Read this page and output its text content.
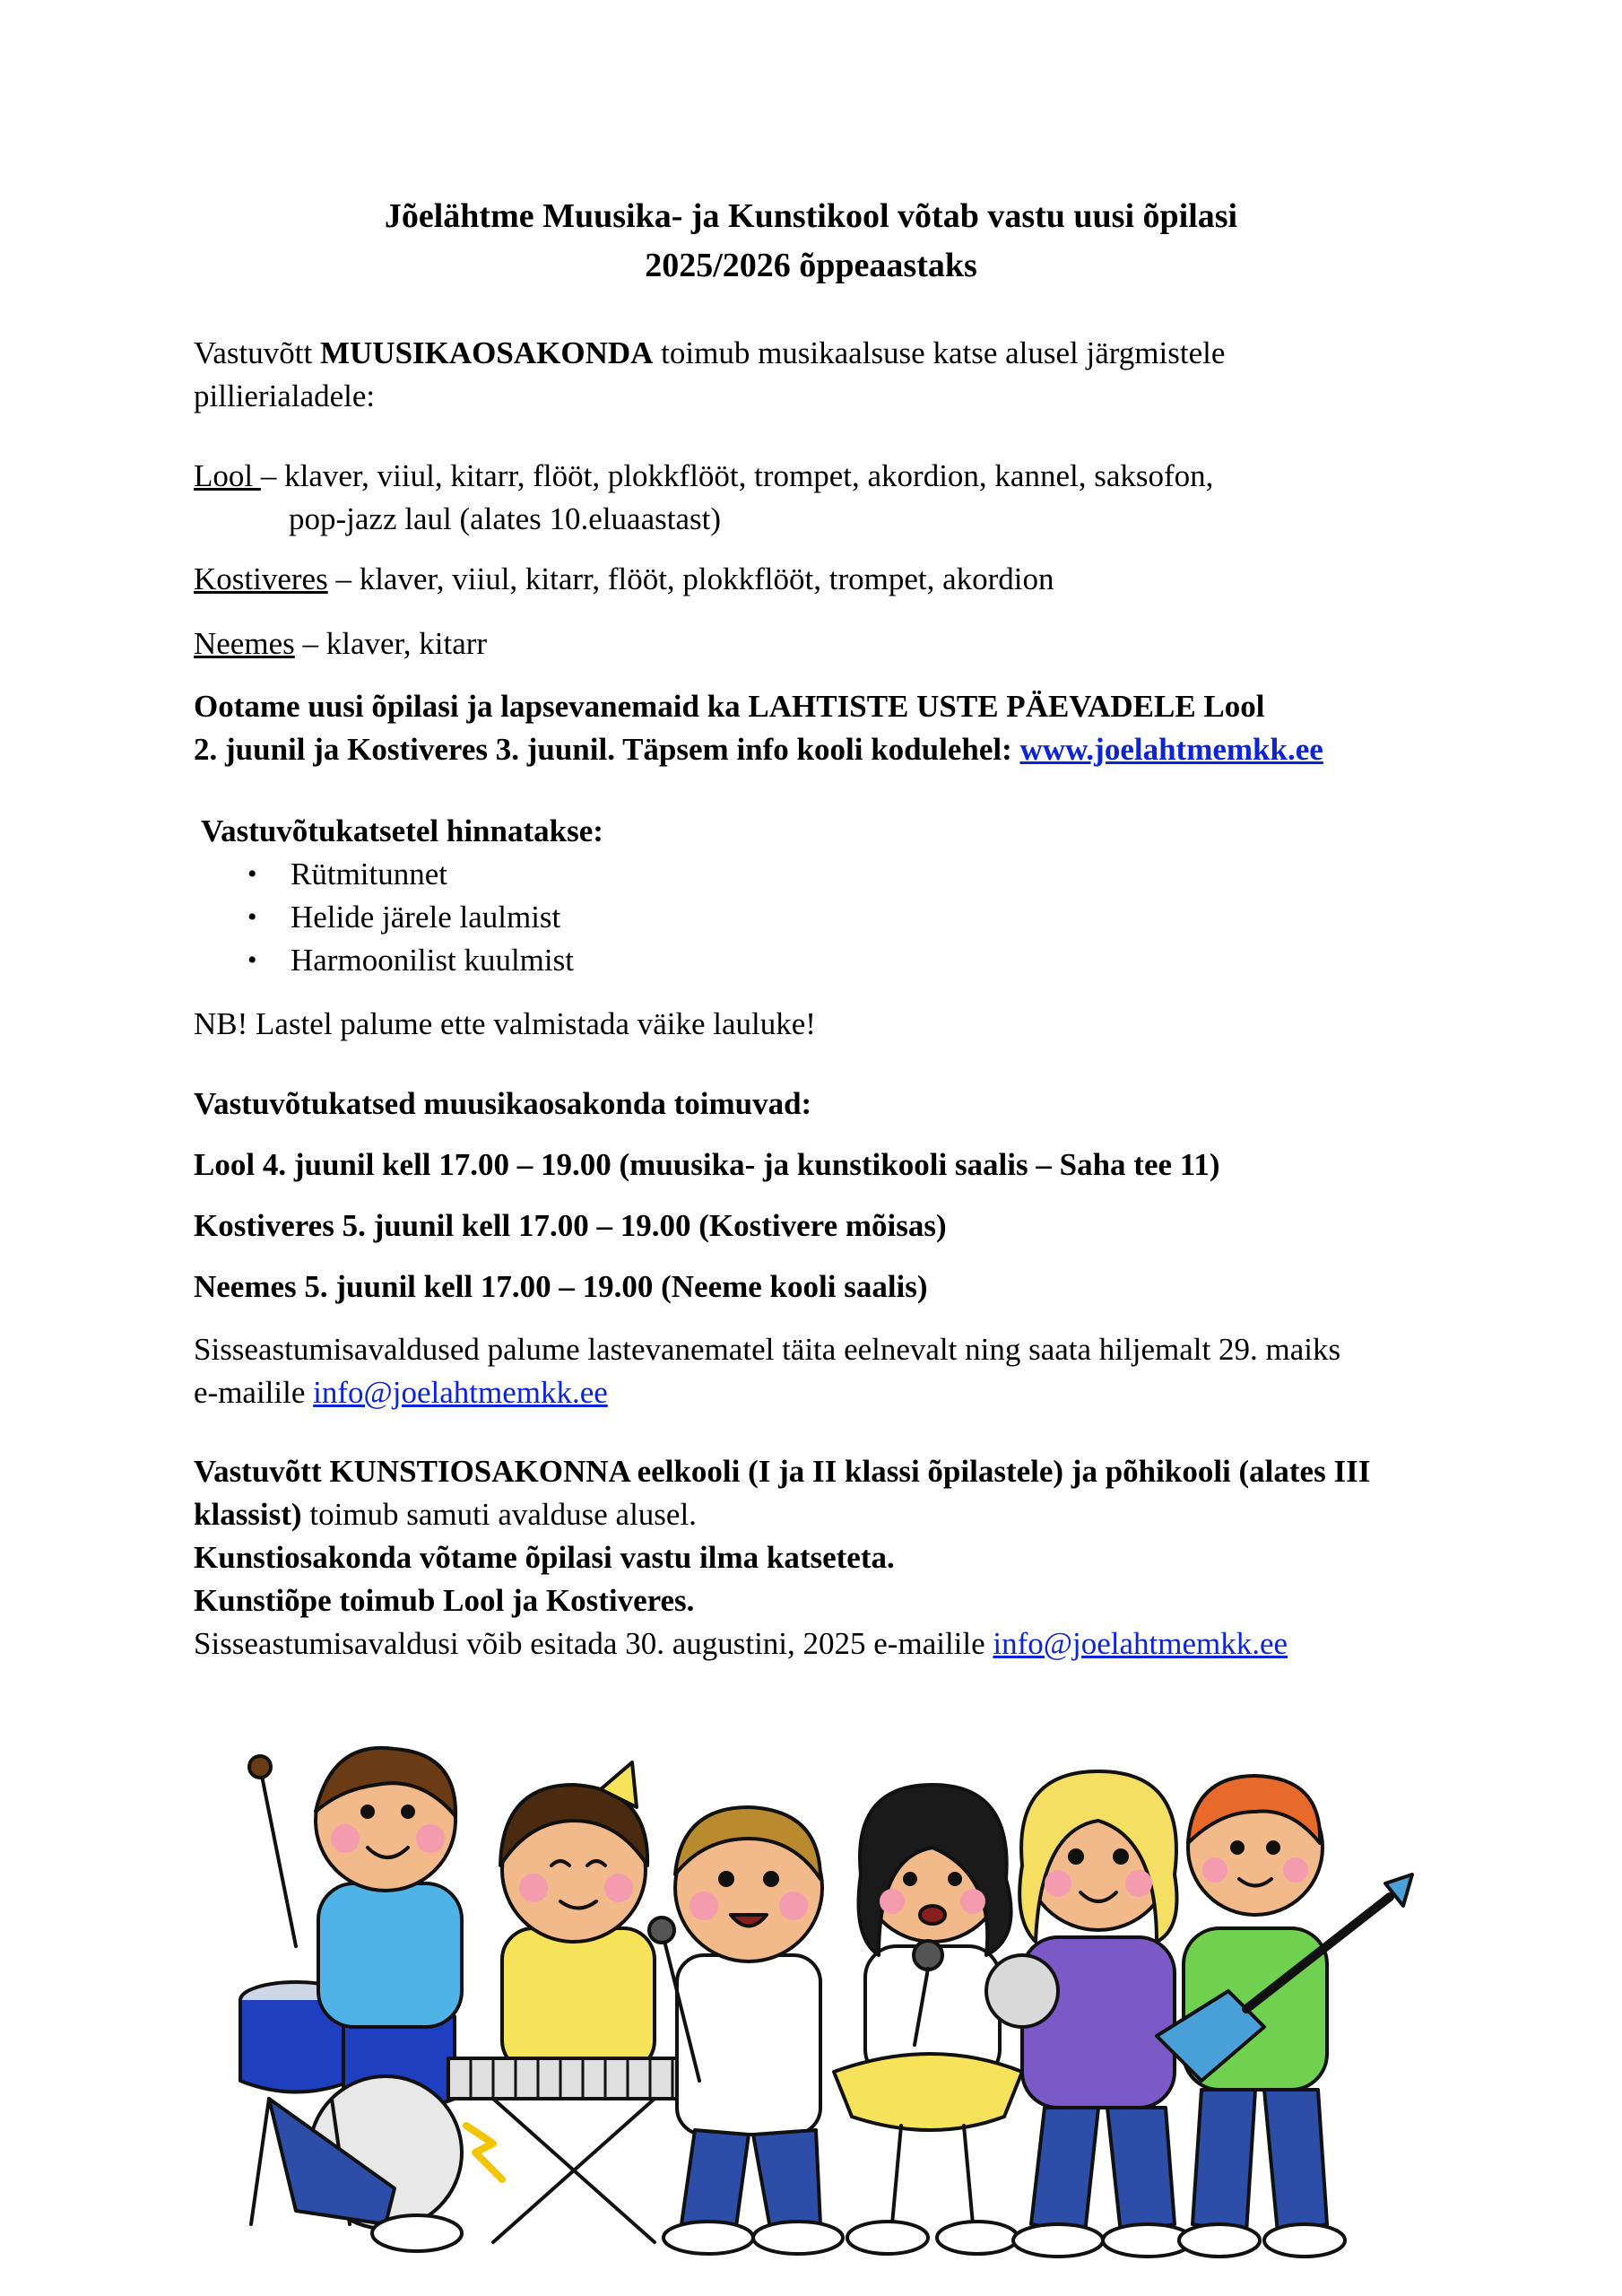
Jõelähtme Muusika- ja Kunstikool võtab vastu uusi õpilasi
2025/2026 õppeaastaks
Vastuvõtt MUUSIKAOSAKONDA toimub musikaalsuse katse alusel järgmistele
pillierialadele:
Lool – klaver, viiul, kitarr, flööt, plokkflööt, trompet, akordion, kannel, saksofon,
pop-jazz laul (alates 10.eluaastast)
Kostiveres – klaver, viiul, kitarr, flööt, plokkflööt, trompet, akordion
Neemes – klaver, kitarr
Ootame uusi õpilasi ja lapsevanemaid ka LAHTISTE USTE PÄEVADELE Lool
2. juunil ja Kostiveres 3. juunil. Täpsem info kooli kodulehel: www.joelahtmemkk.ee
Vastuvõtukatsetel hinnatakse:
• Rütmitunnet
• Helide järele laulmist
• Harmoonilist kuulmist
NB! Lastel palume ette valmistada väike lauluke!
Vastuvõtukatsed muusikaosakonda toimuvad:
Lool 4. juunil kell 17.00 – 19.00 (muusika- ja kunstikooli saalis – Saha tee 11)
Kostiveres 5. juunil kell 17.00 – 19.00 (Kostivere mõisas)
Neemes 5. juunil kell 17.00 – 19.00 (Neeme kooli saalis)
Sisseastumisavaldused palume lastevanematel täita eelnevalt ning saata hiljemalt 29. maiks
e-mailile info@joelahtmemkk.ee
Vastuvõtt KUNSTIOSAKONNA eelkooli (I ja II klassi õpilastele) ja põhikooli (alates III
klassist) toimub samuti avalduse alusel.
Kunstiosakonda võtame õpilasi vastu ilma katseteta.
Kunstiõpe toimub Lool ja Kostiveres.
Sisseastumisavaldusi võib esitada 30. augustini, 2025 e-mailile info@joelahtmemkk.ee
